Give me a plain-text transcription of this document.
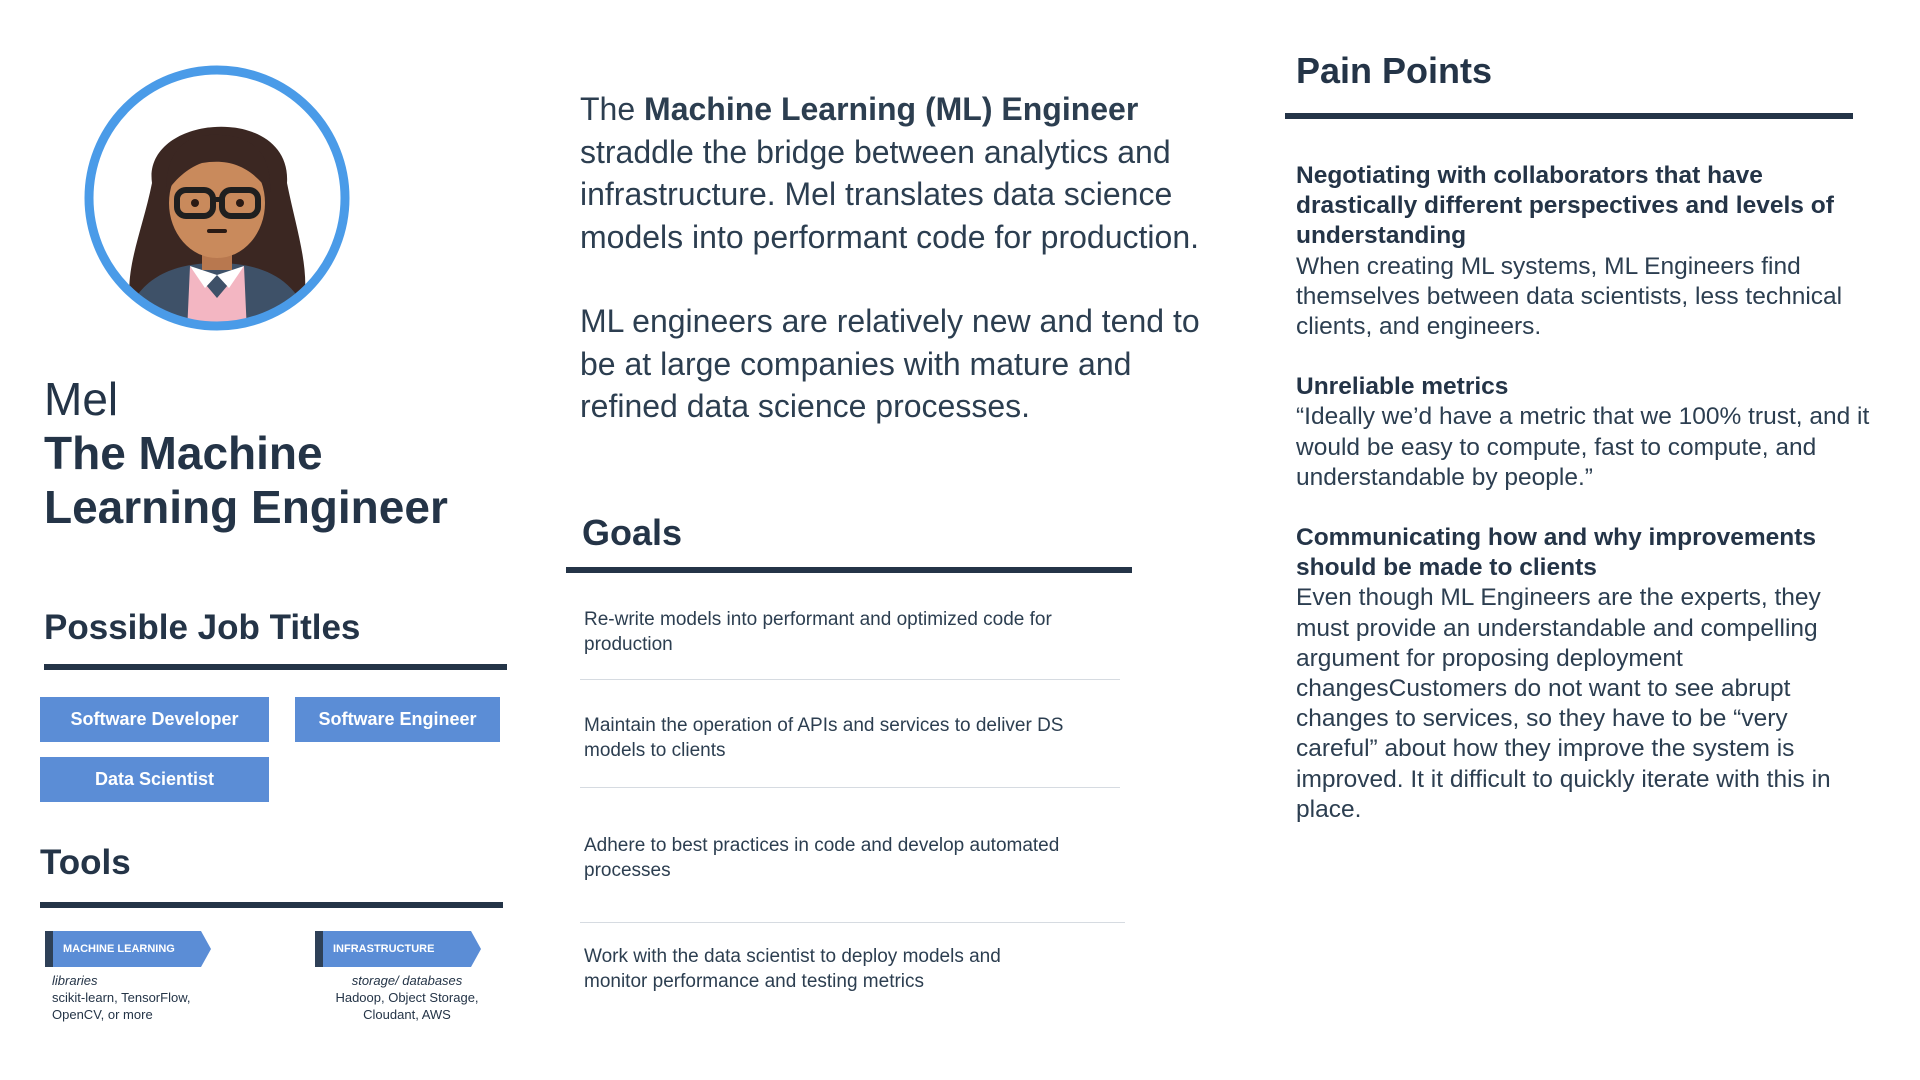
Mel
The Machine Learning Engineer
Possible Job Titles
Software Developer	Software Engineer
Data Scientist
Tools
MACHINE LEARNING
libraries
scikit-learn, TensorFlow, OpenCV, or more
INFRASTRUCTURE
storage/ databases
Hadoop, Object Storage, Cloudant, AWS

The Machine Learning (ML) Engineer straddle the bridge between analytics and infrastructure. Mel translates data science models into performant code for production.

ML engineers are relatively new and tend to be at large companies with mature and refined data science processes.

Goals
Re-write models into performant and optimized code for production
Maintain the operation of APIs and services to deliver DS models to clients
Adhere to best practices in code and develop automated processes
Work with the data scientist to deploy models and monitor performance and testing metrics
Pain Points
Negotiating with collaborators that have drastically different perspectives and levels of understanding
When creating ML systems, ML Engineers find themselves between data scientists, less technical clients, and engineers.
Unreliable metrics
“Ideally we’d have a metric that we 100% trust, and it would be easy to compute, fast to compute, and understandable by people.”
Communicating how and why improvements should be made to clients
Even though ML Engineers are the experts, they must provide an understandable and compelling argument for proposing deployment changesCustomers do not want to see abrupt changes to services, so they have to be “very careful” about how they improve the system is improved. It it difficult to quickly iterate with this in place.
